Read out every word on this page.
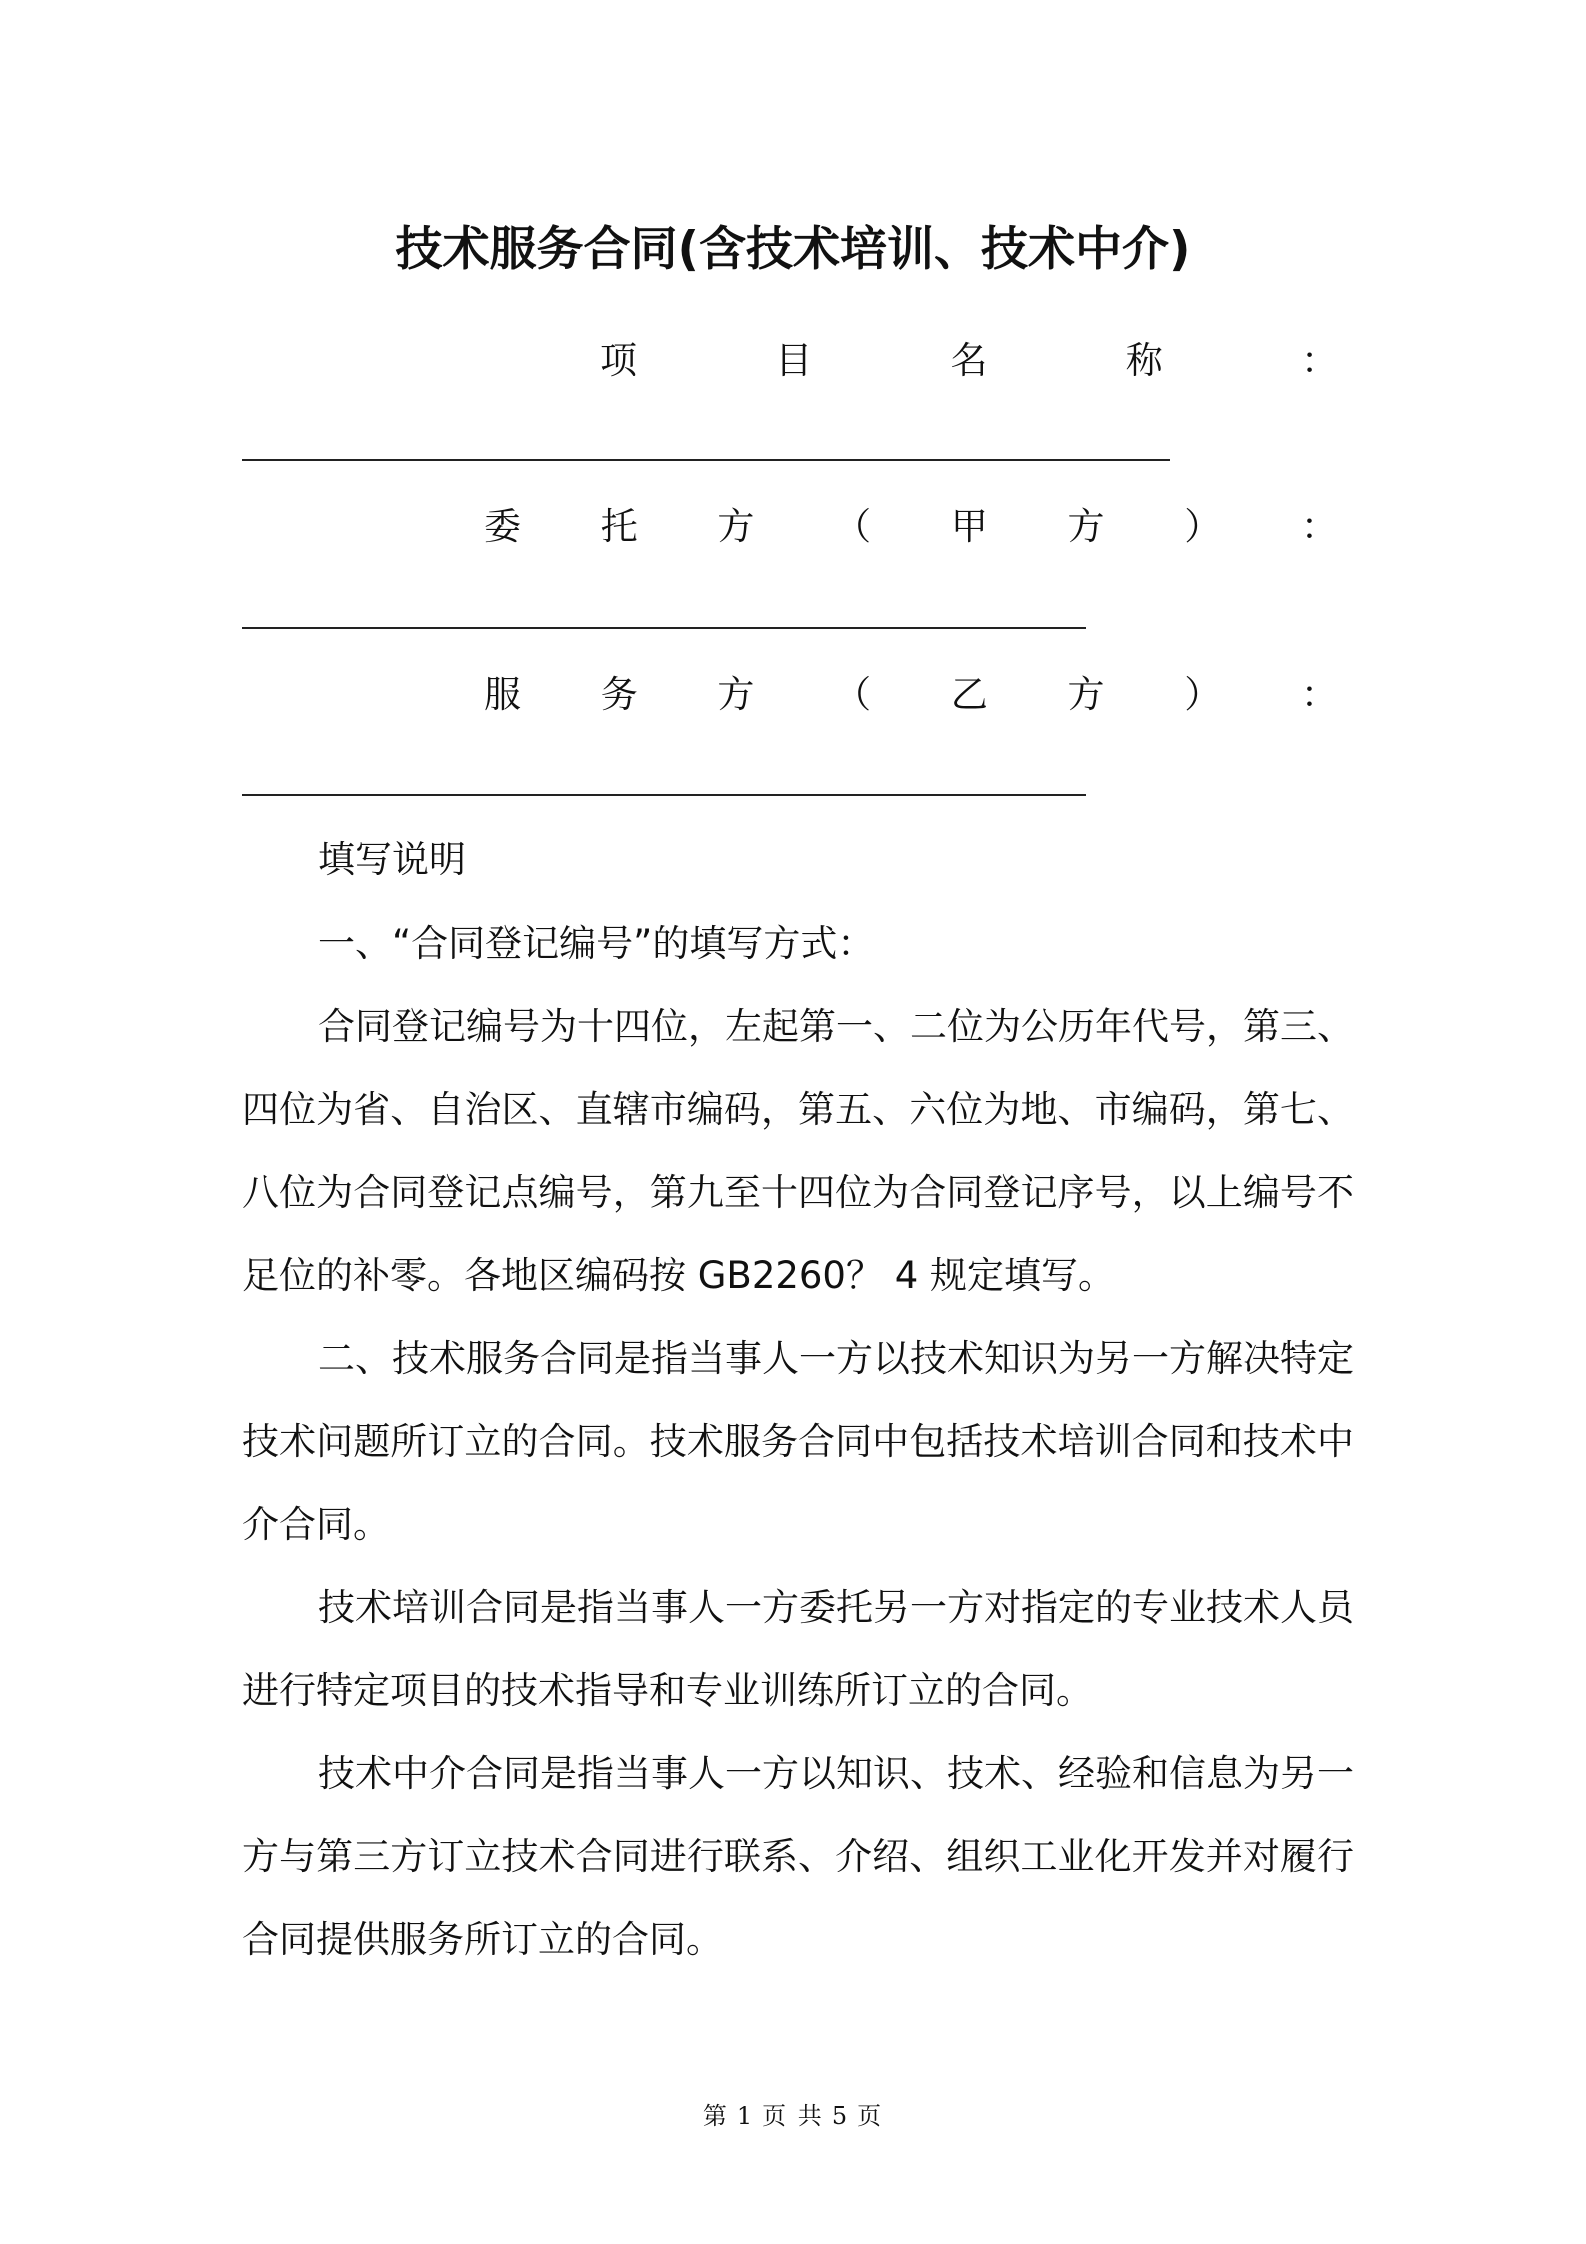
技术服务合同(含技术培训、技术中介)
项	目	名	称	：
委 托 方 （ 甲 方 ） ：
服 务 方 （ 乙 方 ） ：

填写说明

一、“合同登记编号”的填写方式：

合同登记编号为十四位，左起第一、二位为公历年代号，第三、四位为省、自治区、直辖市编码，第五、六位为地、市编码，第七、八位为合同登记点编号，第九至十四位为合同登记序号，以上编号不足位的补零。各地区编码按 GB2260？ 4 规定填写。

二、技术服务合同是指当事人一方以技术知识为另一方解决特定技术问题所订立的合同。技术服务合同中包括技术培训合同和技术中介合同。

技术培训合同是指当事人一方委托另一方对指定的专业技术人员进行特定项目的技术指导和专业训练所订立的合同。

技术中介合同是指当事人一方以知识、技术、经验和信息为另一方与第三方订立技术合同进行联系、介绍、组织工业化开发并对履行合同提供服务所订立的合同。

第 1 页 共 5 页
